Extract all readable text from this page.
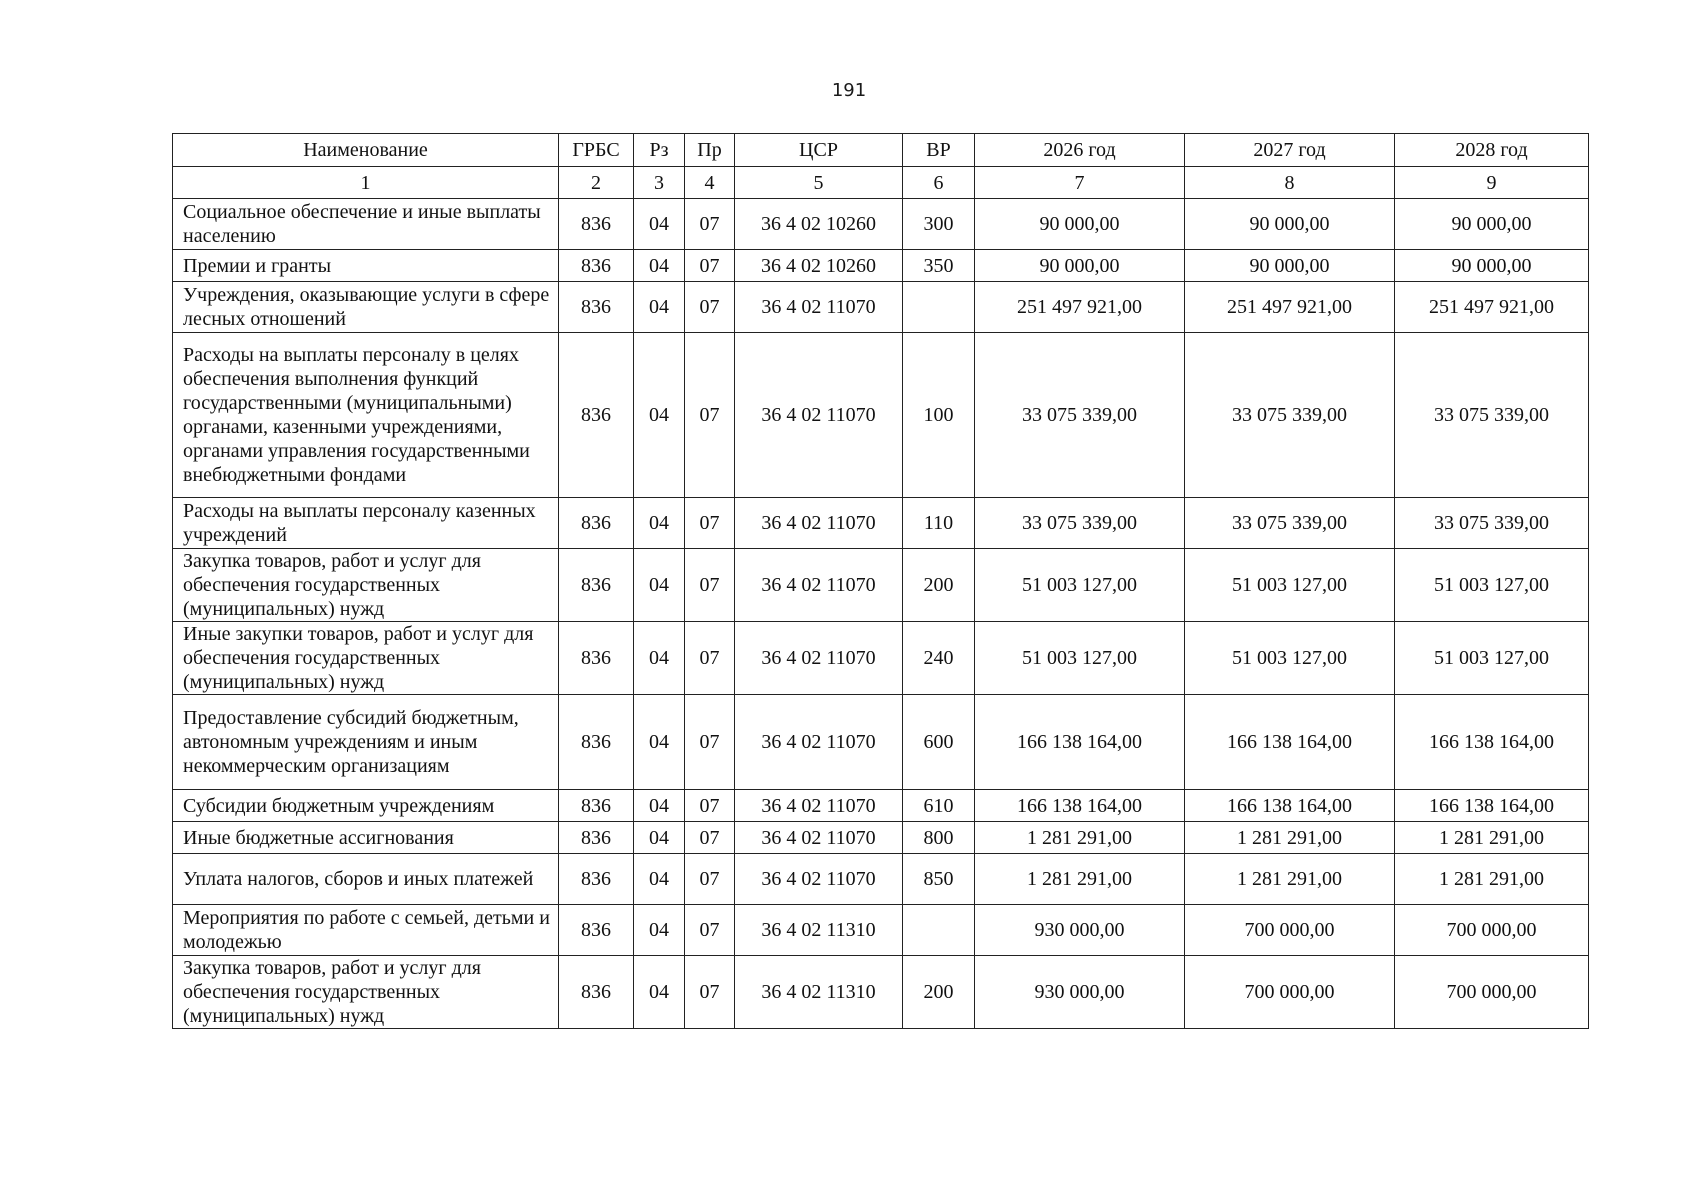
191
Наименование	ГРБС	Рз	Пр	ЦСР	ВР	2026 год	2027 год	2028 год
1	2	3	4	5	6	7	8	9
Социальное обеспечение и иные выплаты населению	836	04	07	36 4 02 10260	300	90 000,00	90 000,00	90 000,00
Премии и гранты	836	04	07	36 4 02 10260	350	90 000,00	90 000,00	90 000,00
Учреждения, оказывающие услуги в сфере лесных отношений	836	04	07	36 4 02 11070		251 497 921,00	251 497 921,00	251 497 921,00
Расходы на выплаты персоналу в целях обеспечения выполнения функций государственными (муниципальными) органами, казенными учреждениями, органами управления государственными внебюджетными фондами	836	04	07	36 4 02 11070	100	33 075 339,00	33 075 339,00	33 075 339,00
Расходы на выплаты персоналу казенных учреждений	836	04	07	36 4 02 11070	110	33 075 339,00	33 075 339,00	33 075 339,00
Закупка товаров, работ и услуг для обеспечения государственных (муниципальных) нужд	836	04	07	36 4 02 11070	200	51 003 127,00	51 003 127,00	51 003 127,00
Иные закупки товаров, работ и услуг для обеспечения государственных (муниципальных) нужд	836	04	07	36 4 02 11070	240	51 003 127,00	51 003 127,00	51 003 127,00
Предоставление субсидий бюджетным, автономным учреждениям и иным некоммерческим организациям	836	04	07	36 4 02 11070	600	166 138 164,00	166 138 164,00	166 138 164,00
Субсидии бюджетным учреждениям	836	04	07	36 4 02 11070	610	166 138 164,00	166 138 164,00	166 138 164,00
Иные бюджетные ассигнования	836	04	07	36 4 02 11070	800	1 281 291,00	1 281 291,00	1 281 291,00
Уплата налогов, сборов и иных платежей	836	04	07	36 4 02 11070	850	1 281 291,00	1 281 291,00	1 281 291,00
Мероприятия по работе с семьей, детьми и молодежью	836	04	07	36 4 02 11310		930 000,00	700 000,00	700 000,00
Закупка товаров, работ и услуг для обеспечения государственных (муниципальных) нужд	836	04	07	36 4 02 11310	200	930 000,00	700 000,00	700 000,00
